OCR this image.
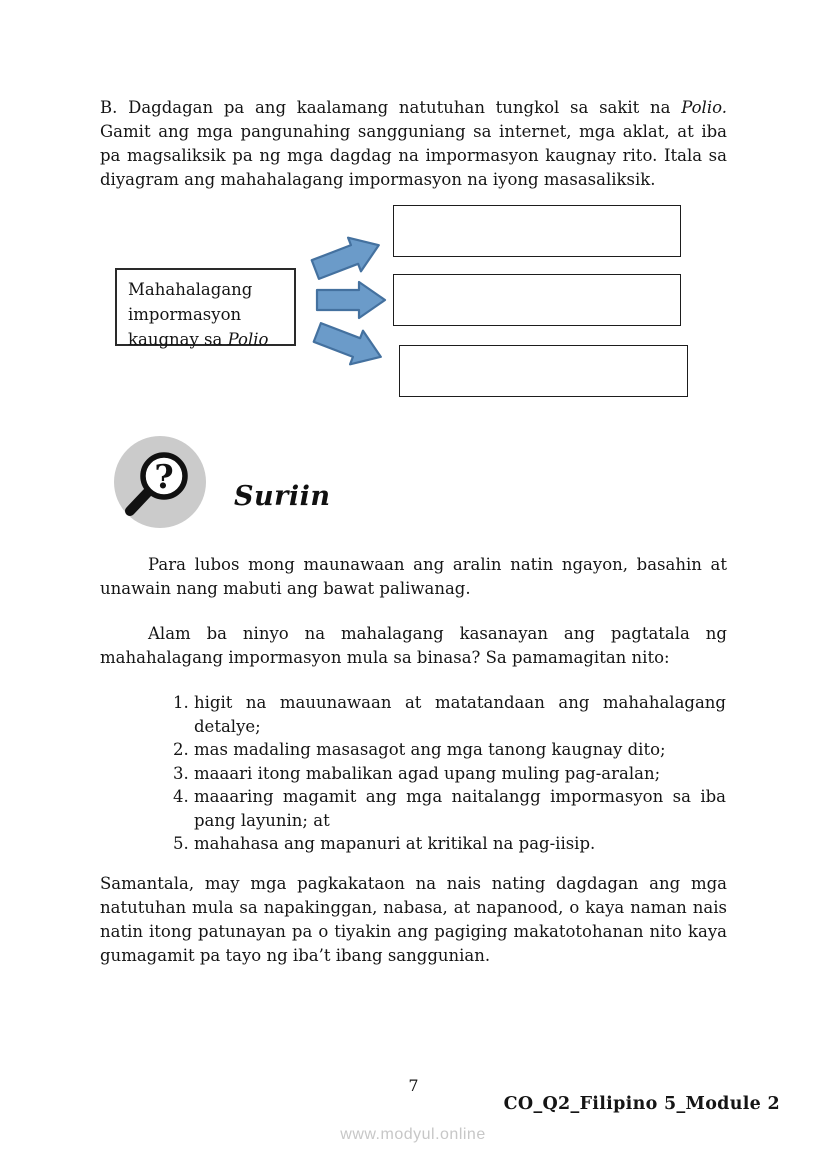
B. Dagdagan pa ang kaalamang natutuhan tungkol sa sakit na Polio. Gamit ang mga pangunahing sangguniang sa internet, mga aklat, at iba pa magsaliksik pa ng mga dagdag na impormasyon kaugnay rito. Itala sa diyagram ang mahahalagang impormasyon na iyong masasaliksik.

Mahahalagang impormasyon kaugnay sa Polio
?
Suriin

Para lubos mong maunawaan ang aralin natin ngayon, basahin at unawain nang mabuti ang bawat paliwanag.

Alam ba ninyo na mahalagang kasanayan ang pagtatala ng mahahalagang impormasyon mula sa binasa? Sa pamamagitan nito:

1. higit na mauunawaan at matatandaan ang mahahalagang detalye;
2. mas madaling masasagot ang mga tanong kaugnay dito;
3. maaari itong mabalikan agad upang muling pag-aralan;
4. maaaring magamit ang mga naitalangg impormasyon sa iba pang layunin; at
5. mahahasa ang mapanuri at kritikal na pag-iisip.

Samantala, may mga pagkakataon na nais nating dagdagan ang mga natutuhan mula sa napakinggan, nabasa, at napanood, o kaya naman nais natin itong patunayan pa o tiyakin ang pagiging makatotohanan nito kaya gumagamit pa tayo ng iba’t ibang sanggunian.

7
CO_Q2_Filipino 5_Module 2
www.modyul.online
